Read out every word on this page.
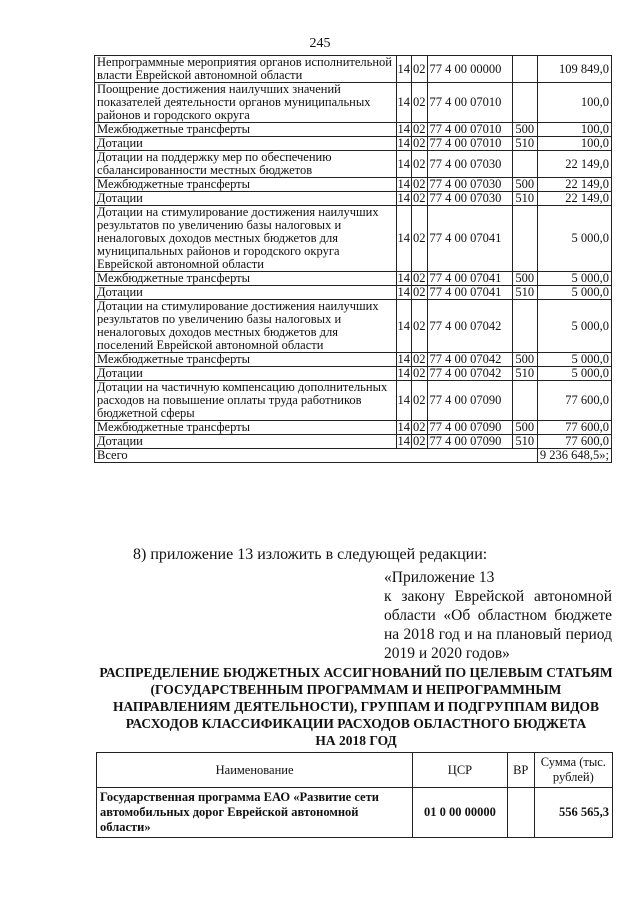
245
Непрограммные мероприятия органов исполнительной власти Еврейской автономной области	14	02	77 4 00 00000		109 849,0
Поощрение достижения наилучших значений показателей деятельности органов муниципальных районов и городского округа	14	02	77 4 00 07010		100,0
Межбюджетные трансферты	14	02	77 4 00 07010	500	100,0
Дотации	14	02	77 4 00 07010	510	100,0
Дотации на поддержку мер по обеспечению сбалансированности местных бюджетов	14	02	77 4 00 07030		22 149,0
Межбюджетные трансферты	14	02	77 4 00 07030	500	22 149,0
Дотации	14	02	77 4 00 07030	510	22 149,0
Дотации на стимулирование достижения наилучших результатов по увеличению базы налоговых и неналоговых доходов местных бюджетов для муниципальных районов и городского округа Еврейской автономной области	14	02	77 4 00 07041		5 000,0
Межбюджетные трансферты	14	02	77 4 00 07041	500	5 000,0
Дотации	14	02	77 4 00 07041	510	5 000,0
Дотации на стимулирование достижения наилучших результатов по увеличению базы налоговых и неналоговых доходов местных бюджетов для поселений Еврейской автономной области	14	02	77 4 00 07042		5 000,0
Межбюджетные трансферты	14	02	77 4 00 07042	500	5 000,0
Дотации	14	02	77 4 00 07042	510	5 000,0
Дотации на частичную компенсацию дополнительных расходов на повышение оплаты труда работников бюджетной сферы	14	02	77 4 00 07090		77 600,0
Межбюджетные трансферты	14	02	77 4 00 07090	500	77 600,0
Дотации	14	02	77 4 00 07090	510	77 600,0
Всего					9 236 648,5»;
8) приложение 13 изложить в следующей редакции:
«Приложение 13
к закону Еврейской автономной
области «Об областном бюджете
на 2018 год и на плановый период
2019 и 2020 годов»
РАСПРЕДЕЛЕНИЕ БЮДЖЕТНЫХ АССИГНОВАНИЙ ПО ЦЕЛЕВЫМ СТАТЬЯМ
(ГОСУДАРСТВЕННЫМ ПРОГРАММАМ И НЕПРОГРАММНЫМ
НАПРАВЛЕНИЯМ ДЕЯТЕЛЬНОСТИ), ГРУППАМ И ПОДГРУППАМ ВИДОВ
РАСХОДОВ КЛАССИФИКАЦИИ РАСХОДОВ ОБЛАСТНОГО БЮДЖЕТА
НА 2018 ГОД
Наименование	ЦСР	ВР	Сумма (тыс. рублей)
Государственная программа ЕАО «Развитие сети автомобильных дорог Еврейской автономной области»	01 0 00 00000		556 565,3
